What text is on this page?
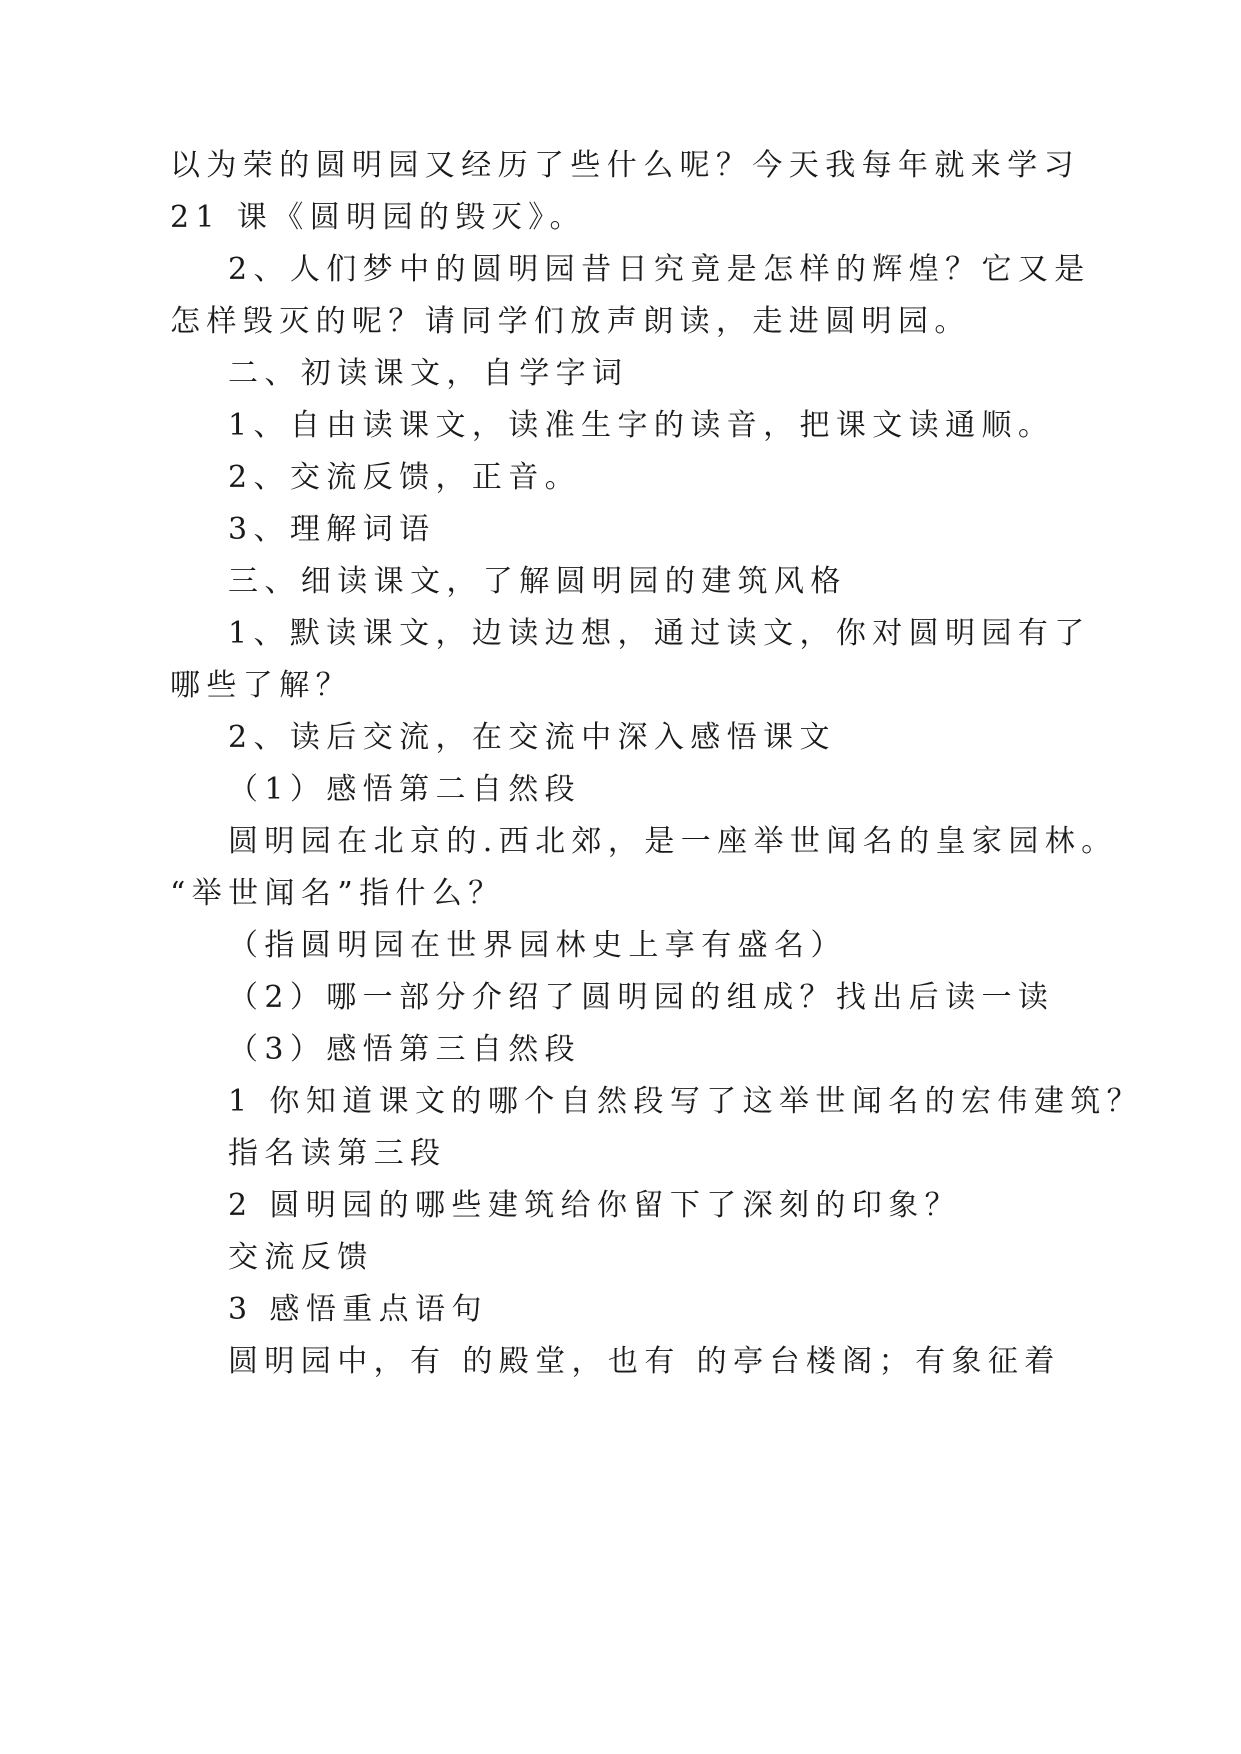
以为荣的圆明园又经历了些什么呢？今天我每年就来学习

21 课《圆明园的毁灭》。

2、人们梦中的圆明园昔日究竟是怎样的辉煌？它又是

怎样毁灭的呢？请同学们放声朗读，走进圆明园。

二、初读课文，自学字词

1、自由读课文，读准生字的读音，把课文读通顺。

2、交流反馈，正音。

3、理解词语

三、细读课文，了解圆明园的建筑风格

1、默读课文，边读边想，通过读文，你对圆明园有了

哪些了解？

2、读后交流，在交流中深入感悟课文

（1）感悟第二自然段

圆明园在北京的.西北郊，是一座举世闻名的皇家园林。

“举世闻名”指什么？

（指圆明园在世界园林史上享有盛名）

（2）哪一部分介绍了圆明园的组成？找出后读一读

（3）感悟第三自然段

1 你知道课文的哪个自然段写了这举世闻名的宏伟建筑？

指名读第三段

2 圆明园的哪些建筑给你留下了深刻的印象？

交流反馈

3 感悟重点语句

圆明园中，有 的殿堂，也有 的亭台楼阁；有象征着
